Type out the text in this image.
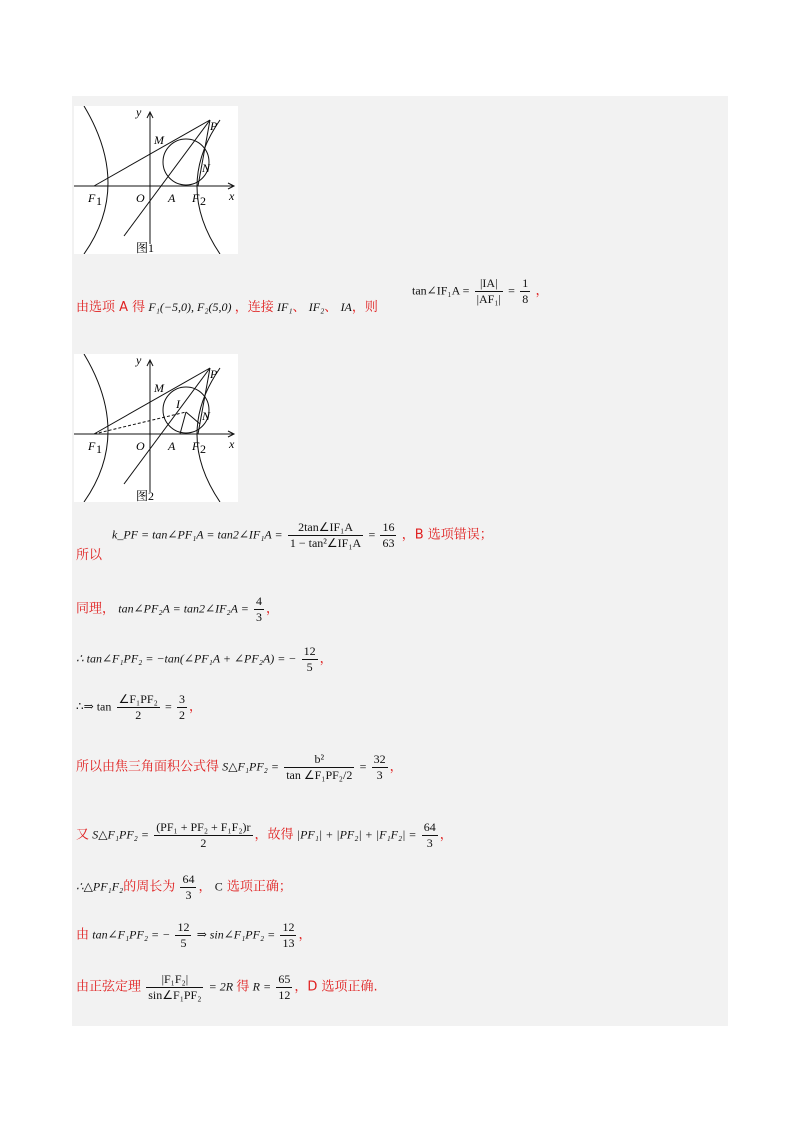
y
x
P
M
N
F 1	O A F 2
图1
由选项 A 得 F₁(−5,0), F₂(5,0) ，连接 IF₁、 IF₂、 IA，则
tan∠IF₁A = $\frac{|IA|}{\text{|AF₁|}} = \frac{1}{8}$ ，
y
x
P
M
I
N
F 1	O A F 2
图2
k_PF = tan∠PF₁A = tan2∠IF₁A = $\frac{\text{2tan∠IF₁A}}{\text{1 − tan²∠IF₁A}} = \frac{16}{63}$ ，B 选项错误；
所以
同理， tan∠PF₂A = tan2∠IF₂A = $\frac{4}{3}$ ，
∴ tan∠F₁PF₂ = −tan(∠PF₁A + ∠PF₂A) = − $\frac{12}{5}$ ，
∴⇒ $\tan \frac{\text{∠F₁PF₂}}{2} = \frac{3}{2}$ ，
所以由焦三角面积公式得 S△F₁PF₂ = $\frac{\text{b²}}{\text{tan ∠F₁PF₂/2}} = \frac{32}{3}$ ，
又 S△F₁PF₂ = $\frac{\text{(PF₁ + PF₂ + F₁F₂)r}}{2}$ ，故得 $|PF_1| + |PF_2| + |F_1F_2| = \frac{64}{3}$ ，
∴△PF₁F₂的周长为 $\frac{64}{3}$ ， C 选项正确；
由 tan∠F₁PF₂ = − $\frac{12}{5}$ ⇒ sin∠F₁PF₂ = $\frac{12}{13}$ ，
由正弦定理 $\frac{\text{|F₁F₂|}}{\text{sin∠F₁PF₂}} = 2R$ 得 $R = \frac{65}{12}$ ，D 选项正确.
